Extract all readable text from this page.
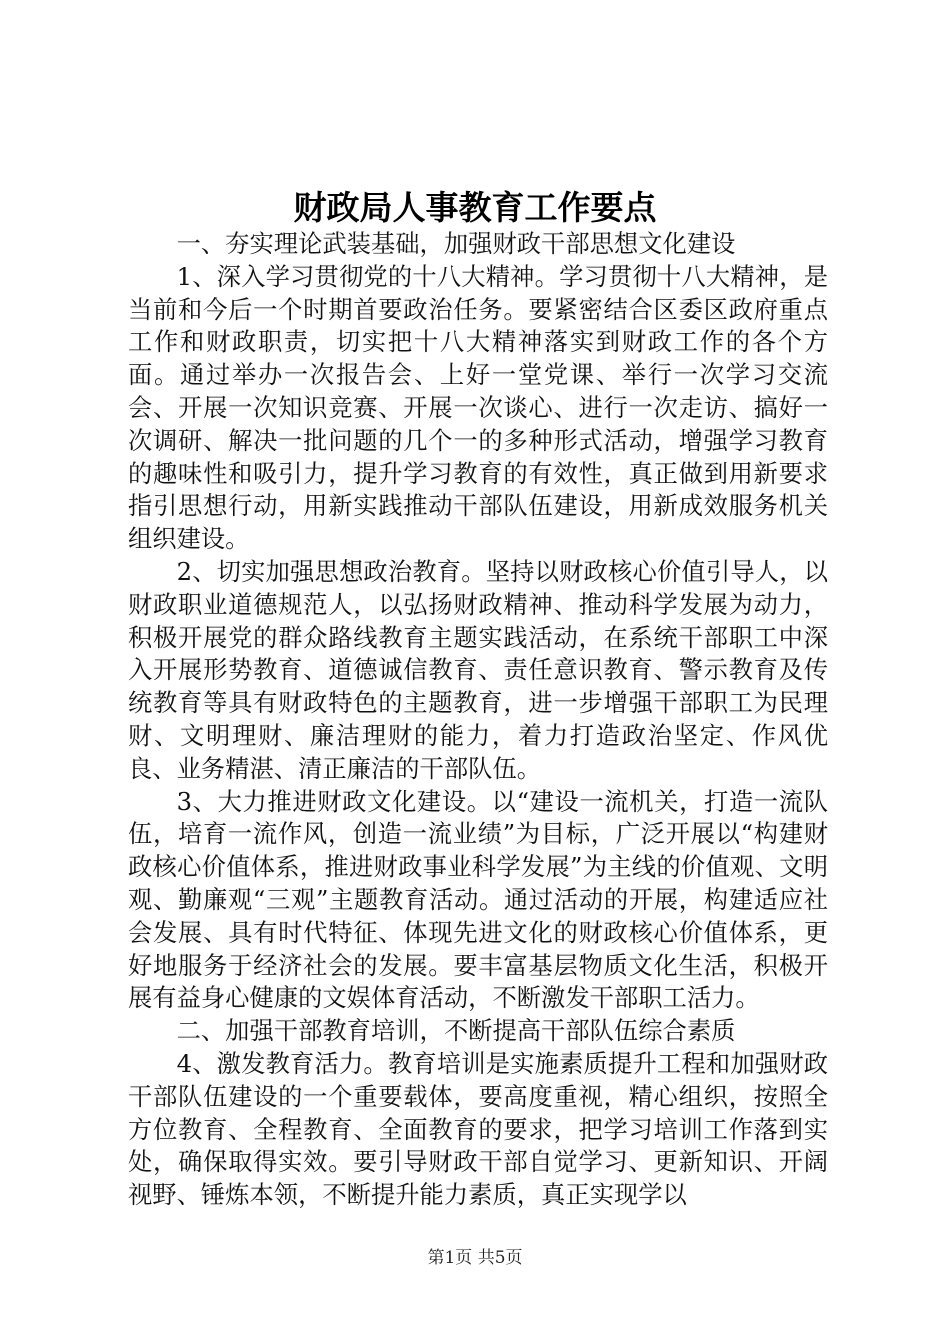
财政局人事教育工作要点

一、夯实理论武装基础，加强财政干部思想文化建设

1、深入学习贯彻党的十八大精神。学习贯彻十八大精神，是当前和今后一个时期首要政治任务。要紧密结合区委区政府重点工作和财政职责，切实把十八大精神落实到财政工作的各个方面。通过举办一次报告会、上好一堂党课、举行一次学习交流会、开展一次知识竞赛、开展一次谈心、进行一次走访、搞好一次调研、解决一批问题的几个一的多种形式活动，增强学习教育的趣味性和吸引力，提升学习教育的有效性，真正做到用新要求指引思想行动，用新实践推动干部队伍建设，用新成效服务机关组织建设。

2、切实加强思想政治教育。坚持以财政核心价值引导人，以财政职业道德规范人，以弘扬财政精神、推动科学发展为动力，积极开展党的群众路线教育主题实践活动，在系统干部职工中深入开展形势教育、道德诚信教育、责任意识教育、警示教育及传统教育等具有财政特色的主题教育，进一步增强干部职工为民理财、文明理财、廉洁理财的能力，着力打造政治坚定、作风优良、业务精湛、清正廉洁的干部队伍。

3、大力推进财政文化建设。以“建设一流机关，打造一流队伍，培育一流作风，创造一流业绩”为目标，广泛开展以“构建财政核心价值体系，推进财政事业科学发展”为主线的价值观、文明观、勤廉观“三观”主题教育活动。通过活动的开展，构建适应社会发展、具有时代特征、体现先进文化的财政核心价值体系，更好地服务于经济社会的发展。要丰富基层物质文化生活，积极开展有益身心健康的文娱体育活动，不断激发干部职工活力。

二、加强干部教育培训，不断提高干部队伍综合素质

4、激发教育活力。教育培训是实施素质提升工程和加强财政干部队伍建设的一个重要载体，要高度重视，精心组织，按照全方位教育、全程教育、全面教育的要求，把学习培训工作落到实处，确保取得实效。要引导财政干部自觉学习、更新知识、开阔视野、锤炼本领，不断提升能力素质，真正实现学以

第1页 共5页
